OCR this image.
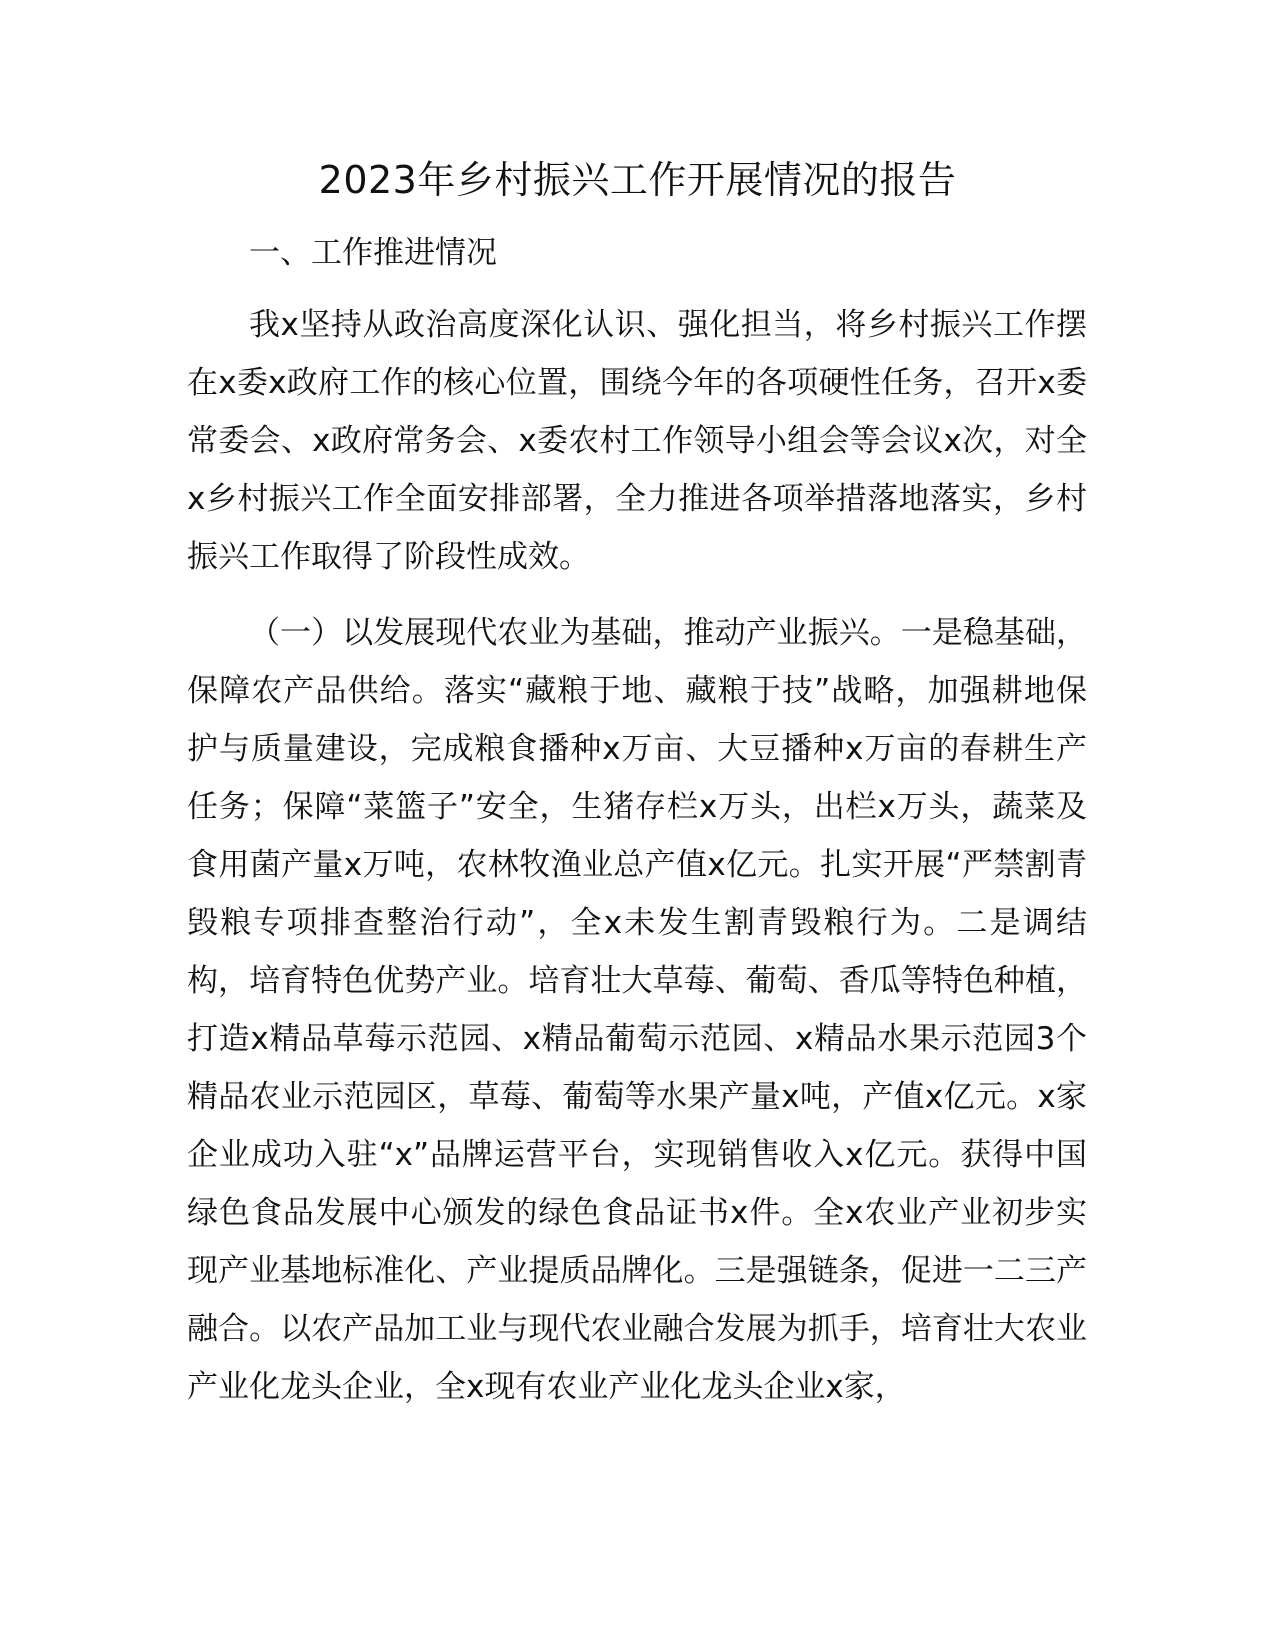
2023年乡村振兴工作开展情况的报告
一、工作推进情况

我x坚持从政治高度深化认识、强化担当，将乡村振兴工作摆在x委x政府工作的核心位置，围绕今年的各项硬性任务，召开x委常委会、x政府常务会、x委农村工作领导小组会等会议x次，对全x乡村振兴工作全面安排部署，全力推进各项举措落地落实，乡村振兴工作取得了阶段性成效。

（一）以发展现代农业为基础，推动产业振兴。一是稳基础，保障农产品供给。落实“藏粮于地、藏粮于技”战略，加强耕地保护与质量建设，完成粮食播种x万亩、大豆播种x万亩的春耕生产任务；保障“菜篮子”安全，生猪存栏x万头，出栏x万头，蔬菜及食用菌产量x万吨，农林牧渔业总产值x亿元。扎实开展“严禁割青毁粮专项排查整治行动”，全x未发生割青毁粮行为。二是调结构，培育特色优势产业。培育壮大草莓、葡萄、香瓜等特色种植，打造x精品草莓示范园、x精品葡萄示范园、x精品水果示范园3个精品农业示范园区，草莓、葡萄等水果产量x吨，产值x亿元。x家企业成功入驻“x”品牌运营平台，实现销售收入x亿元。获得中国绿色食品发展中心颁发的绿色食品证书x件。全x农业产业初步实现产业基地标准化、产业提质品牌化。三是强链条，促进一二三产融合。以农产品加工业与现代农业融合发展为抓手，培育壮大农业产业化龙头企业，全x现有农业产业化龙头企业x家，
